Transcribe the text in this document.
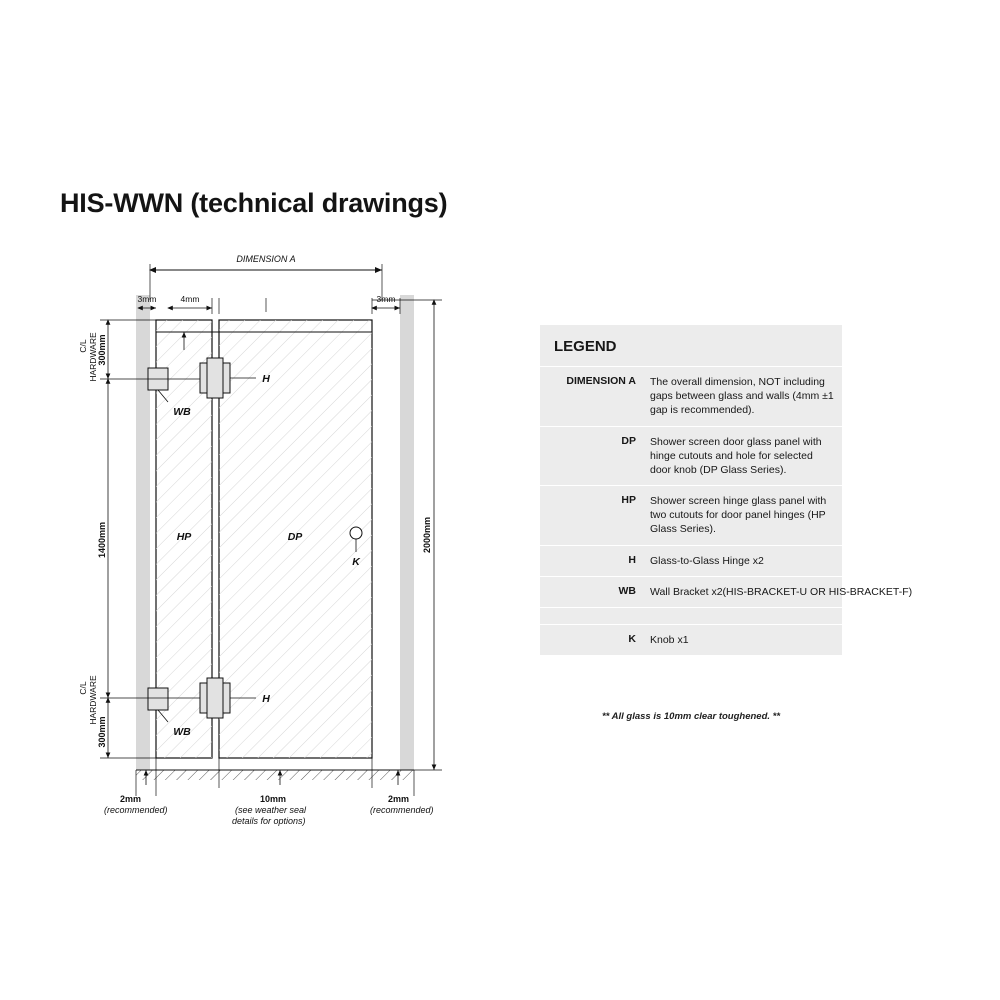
HIS-WWN (technical drawings)
DIMENSION A
3mm	4mm	3mm
HP	DP
K
WB
H
WB
H
300mm
C/L HARDWARE
1400mm
300mm
C/L HARDWARE
2000mm
2mm
(recommended)
10mm
(see weather seal
details for options)
2mm
(recommended)
LEGEND
DIMENSION A	The overall dimension, NOT including gaps between glass and walls (4mm ±1 gap is recommended).
DP	Shower screen door glass panel with hinge cutouts and hole for selected door knob (DP Glass Series).
HP	Shower screen hinge glass panel with two cutouts for door panel hinges (HP Glass Series).
H	Glass-to-Glass Hinge x2
WB	Wall Bracket x2(HIS-BRACKET-U OR HIS-BRACKET-F)
K	Knob x1
** All glass is 10mm clear toughened. **
